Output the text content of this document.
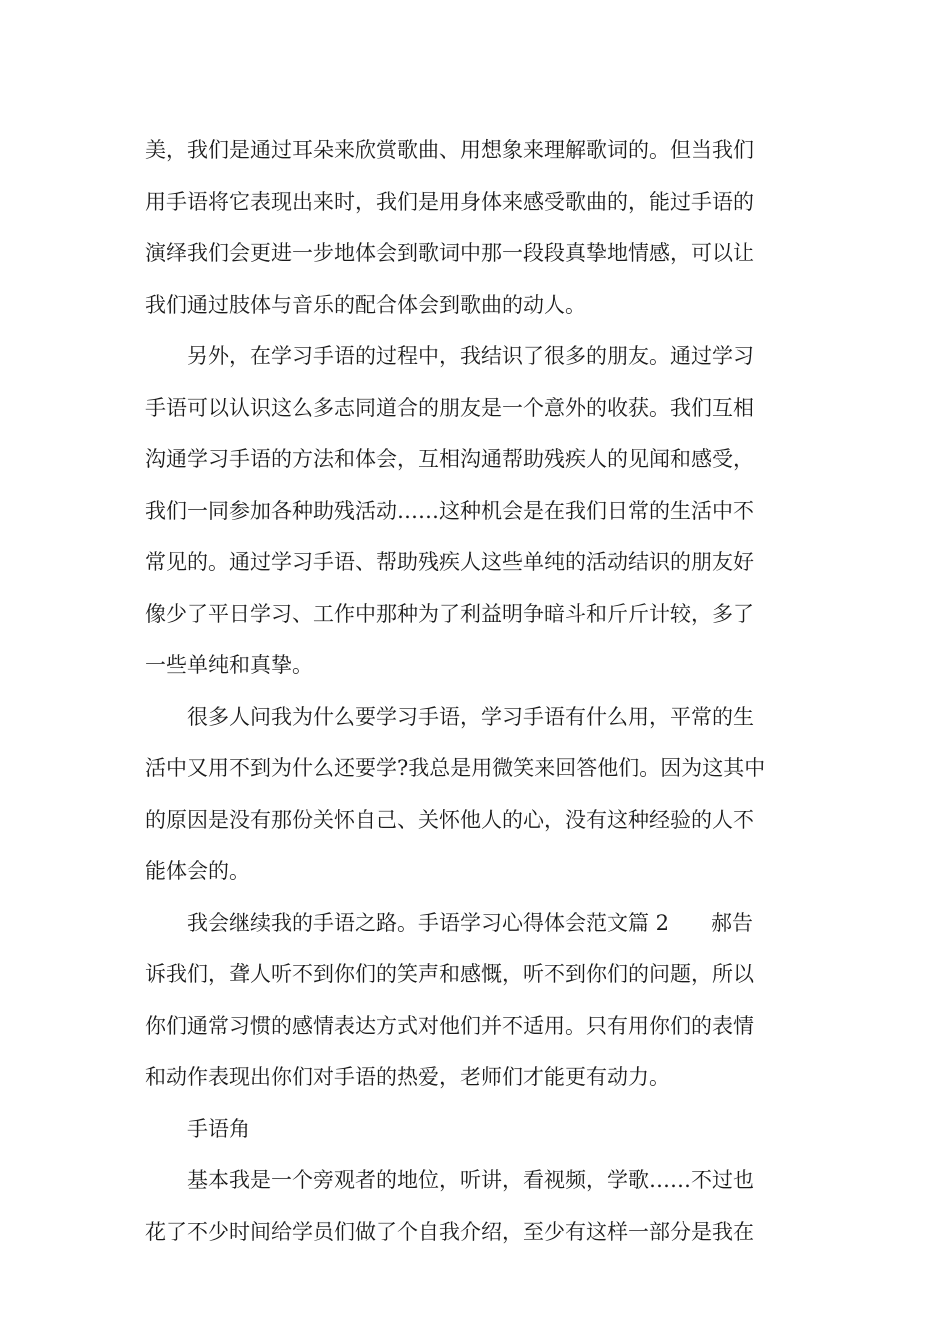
美，我们是通过耳朵来欣赏歌曲、用想象来理解歌词的。但当我们
用手语将它表现出来时，我们是用身体来感受歌曲的，能过手语的
演绎我们会更进一步地体会到歌词中那一段段真挚地情感，可以让
我们通过肢体与音乐的配合体会到歌曲的动人。
另外，在学习手语的过程中，我结识了很多的朋友。通过学习
手语可以认识这么多志同道合的朋友是一个意外的收获。我们互相
沟通学习手语的方法和体会，互相沟通帮助残疾人的见闻和感受，
我们一同参加各种助残活动……这种机会是在我们日常的生活中不
常见的。通过学习手语、帮助残疾人这些单纯的活动结识的朋友好
像少了平日学习、工作中那种为了利益明争暗斗和斤斤计较，多了
一些单纯和真挚。
很多人问我为什么要学习手语，学习手语有什么用，平常的生
活中又用不到为什么还要学?我总是用微笑来回答他们。因为这其中
的原因是没有那份关怀自己、关怀他人的心，没有这种经验的人不
能体会的。
我会继续我的手语之路。手语学习心得体会范文篇 2　　郝告
诉我们，聋人听不到你们的笑声和感慨，听不到你们的问题，所以
你们通常习惯的感情表达方式对他们并不适用。只有用你们的表情
和动作表现出你们对手语的热爱，老师们才能更有动力。
手语角
基本我是一个旁观者的地位，听讲，看视频，学歌……不过也
花了不少时间给学员们做了个自我介绍，至少有这样一部分是我在
